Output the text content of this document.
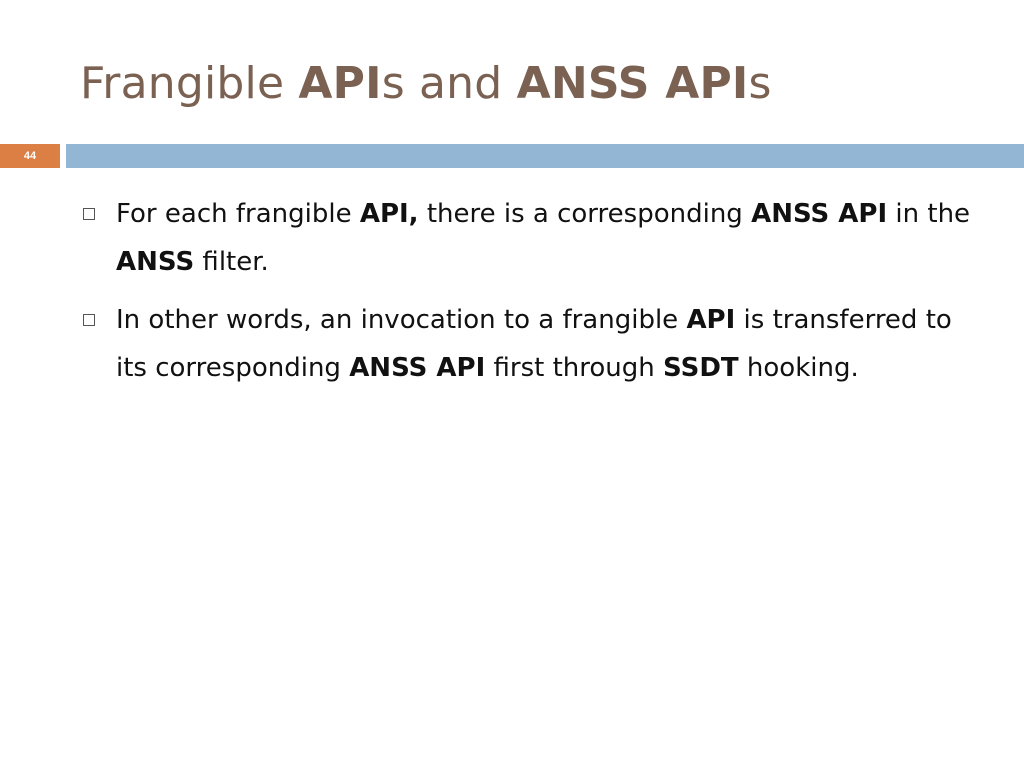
Frangible APIs and ANSS APIs
44
For each frangible API, there is a corresponding ANSS API in the ANSS filter.
In other words, an invocation to a frangible API is transferred to its corresponding ANSS API first through SSDT hooking.
